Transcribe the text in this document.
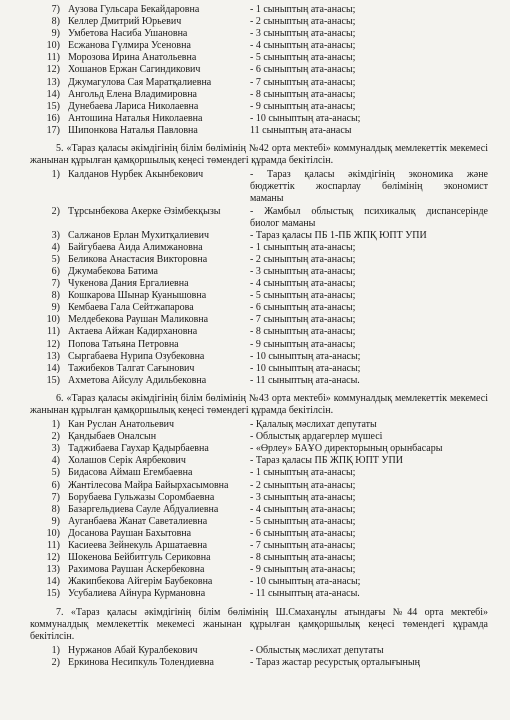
7) Аузова Гульсара Бекайдаровна	- 1 сыныптың ата-анасы;
8) Келлер Дмитрий Юрьевич	- 2 сыныптың ата-анасы;
9) Умбетова Насиба Ушановна	- 3 сыныптың ата-анасы;
10) Есжанова Гүлмира Усеновна	- 4 сыныптың ата-анасы;
11) Морозова Ирина Анатольевна	- 5 сыныптың ата-анасы;
12) Хошанов Ержан Сагиндикович	- 6 сыныптың ата-анасы;
13) Джумагулова Сая Маратқалиевна	- 7 сыныптың ата-анасы;
14) Ангольд Елена Владимировна	- 8 сыныптың ата-анасы;
15) Дунебаева Лариса Николаевна	- 9 сыныптың ата-анасы;
16) Антошина Наталья Николаевна	- 10 сыныптың ата-анасы;
17) Шипонкова Наталья Павловна	11 сыныптың ата-анасы
5. «Тараз қаласы әкімдігінің білім бөлімінің №42 орта мектебі» коммуналдық мемлекеттік мекемесі жанынан құрылған қамқоршылық кеңесі төмендегі құрамда бекітілсін.
1) Калданов Нурбек Акынбекович	- Тараз қаласы әкімдігінің экономика және
бюджеттік жоспарлау бөлімінің экономист
маманы
2) Тұрсынбекова Акерке Әзімбекқызы	- Жамбыл облыстық психикалық диспансерінде
биолог маманы
3) Салжанов Ерлан Мухитқалиевич	- Тараз қаласы ПБ 1-ПБ ЖПҚ ЮПТ УПИ
4) Байгубаева Аида Алимжановна	- 1 сыныптың ата-анасы;
5) Беликова Анастасия Викторовна	- 2 сыныптың ата-анасы;
6) Джумабекова Батима	- 3 сыныптың ата-анасы;
7) Чукенова Дания Ергалиевна	- 4 сыныптың ата-анасы;
8) Кошкарова Шынар Куанышовна	- 5 сыныптың ата-анасы;
9) Кембаева Гала Сейтжапарова	- 6 сыныптың ата-анасы;
10) Мелдебекова Раушан Маликовна	- 7 сыныптың ата-анасы;
11) Актаева Айжан Кадирхановна	- 8 сыныптың ата-анасы;
12) Попова Татьяна Петровна	- 9 сыныптың ата-анасы;
13) Сыргабаева Нурипа Озубековна	- 10 сыныптың ата-анасы;
14) Тажибеков Талгат Сағынович	- 10 сыныптың ата-анасы;
15) Ахметова Айсулу Адильбековна	- 11 сыныптың ата-анасы.
6. «Тараз қаласы әкімдігінің білім бөлімінің №43 орта мектебі» коммуналдық мемлекеттік мекемесі жанынан құрылған қамқоршылық кеңесі төмендегі құрамда бекітілсін.
1) Кан Руслан Анатольевич	- Қалалық мәслихат депутаты
2) Қандыбаев Оналсын	- Облыстық ардагерлер мүшесі
3) Таджибаева Гаухар Қадырбаевна	- «Өрлеу» БАҰО директорының орынбасары
4) Холашов Серік Аярбекович	- Тараз қаласы ПБ ЖПҚ ЮПТ УПИ
5) Бидасова Аймаш Егембаевна	- 1 сыныптың ата-анасы;
6) Жантілесова Майра Байырхасымовна	- 2 сыныптың ата-анасы;
7) Борубаева Гульжазы Соромбаевна	- 3 сыныптың ата-анасы;
8) Базаргельдиева Сауле Абдуалиевна	- 4 сыныптың ата-анасы;
9) Ауганбаева Жанат Саветалиевна	- 5 сыныптың ата-анасы;
10) Досанова Раушан Бахытовна	- 6 сыныптың ата-анасы;
11) Касиеева Зейнекуль Аршатаевна	- 7 сыныптың ата-анасы;
12) Шокенова Бейбитгуль Сериковна	- 8 сыныптың ата-анасы;
13) Рахимова Раушан Аскербековна	- 9 сыныптың ата-анасы;
14) Жакипбекова Айгерім Баубековна	- 10 сыныптың ата-анасы;
15) Усубалиева Айнура Курмановна	- 11 сыныптың ата-анасы.
7. «Тараз қаласы әкімдігінің білім бөлімінің Ш.Смаханұлы атындағы №44 орта мектебі» коммуналдық мемлекеттік мекемесі жанынан құрылған қамқоршылық кеңесі төмендегі құрамда бекітілсін.
1) Нуржанов Абай Куралбекович	- Облыстық мәслихат депутаты
2) Еркинова Несипкуль Толендиевна	- Тараз жастар ресурстық орталығының
